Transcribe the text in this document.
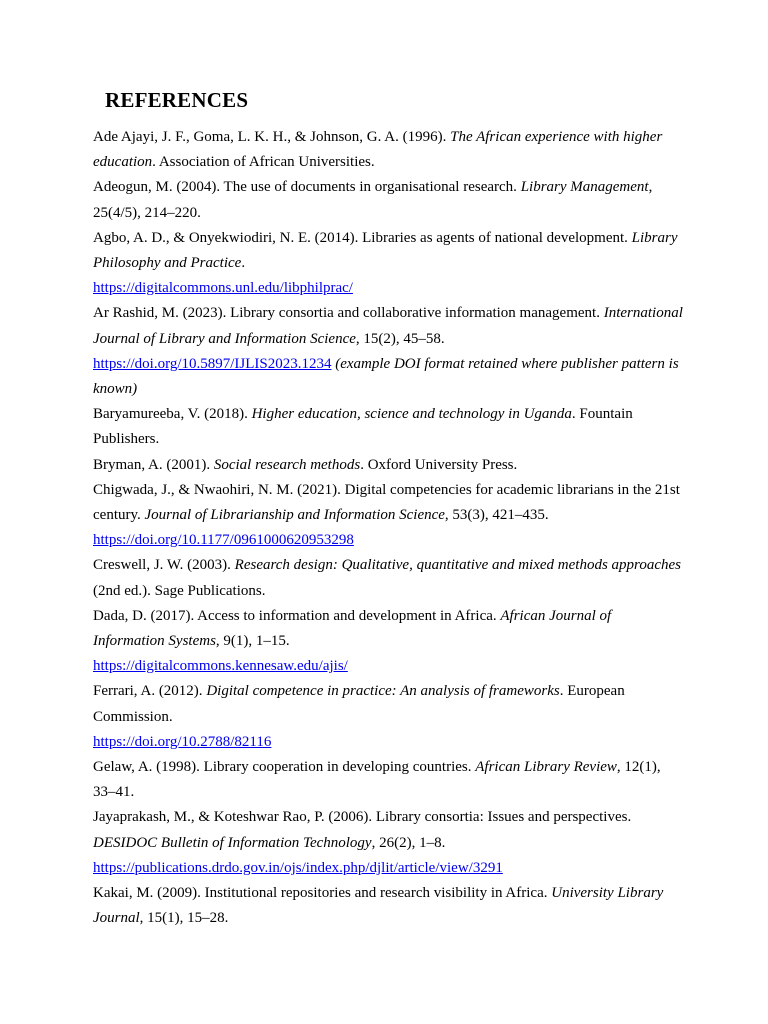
REFERENCES

Ade Ajayi, J. F., Goma, L. K. H., & Johnson, G. A. (1996). The African experience with higher education. Association of African Universities.

Adeogun, M. (2004). The use of documents in organisational research. Library Management, 25(4/5), 214–220.

Agbo, A. D., & Onyekwiodiri, N. E. (2014). Libraries as agents of national development. Library Philosophy and Practice.
https://digitalcommons.unl.edu/libphilprac/

Ar Rashid, M. (2023). Library consortia and collaborative information management. International Journal of Library and Information Science, 15(2), 45–58. https://doi.org/10.5897/IJLIS2023.1234 (example DOI format retained where publisher pattern is known)

Baryamureeba, V. (2018). Higher education, science and technology in Uganda. Fountain Publishers.

Bryman, A. (2001). Social research methods. Oxford University Press.

Chigwada, J., & Nwaohiri, N. M. (2021). Digital competencies for academic librarians in the 21st century. Journal of Librarianship and Information Science, 53(3), 421–435. https://doi.org/10.1177/0961000620953298

Creswell, J. W. (2003). Research design: Qualitative, quantitative and mixed methods approaches (2nd ed.). Sage Publications.

Dada, D. (2017). Access to information and development in Africa. African Journal of Information Systems, 9(1), 1–15.
https://digitalcommons.kennesaw.edu/ajis/

Ferrari, A. (2012). Digital competence in practice: An analysis of frameworks. European Commission.
https://doi.org/10.2788/82116

Gelaw, A. (1998). Library cooperation in developing countries. African Library Review, 12(1), 33–41.

Jayaprakash, M., & Koteshwar Rao, P. (2006). Library consortia: Issues and perspectives. DESIDOC Bulletin of Information Technology, 26(2), 1–8. https://publications.drdo.gov.in/ojs/index.php/djlit/article/view/3291

Kakai, M. (2009). Institutional repositories and research visibility in Africa. University Library Journal, 15(1), 15–28.
